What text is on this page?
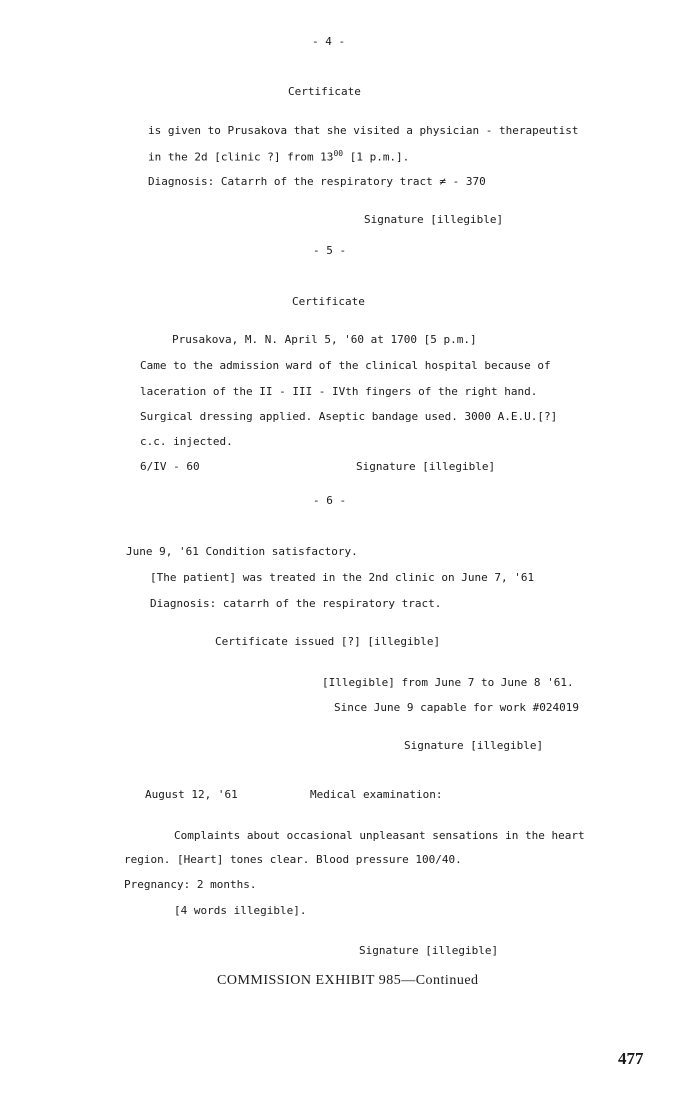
- 4 -
Certificate
is given to Prusakova that she visited a physician - therapeutist
in the 2d [clinic ?] from $13^{00}$ [1 p.m.].
Diagnosis: Catarrh of the respiratory tract ≠ - 370
Signature [illegible]
- 5 -
Certificate
Prusakova, M. N. April 5, '60 at 1700 [5 p.m.]
Came to the admission ward of the clinical hospital because of
laceration of the II - III - IVth fingers of the right hand.
Surgical dressing applied. Aseptic bandage used. 3000 A.E.U.[?]
c.c. injected.
6/IV - 60	Signature [illegible]
- 6 -
June 9, '61 Condition satisfactory.
[The patient] was treated in the 2nd clinic on June 7, '61
Diagnosis: catarrh of the respiratory tract.
Certificate issued [?] [illegible]
[Illegible] from June 7 to June 8 '61.
Since June 9 capable for work #024019
Signature [illegible]
August 12, '61	Medical examination:
Complaints about occasional unpleasant sensations in the heart
region. [Heart] tones clear. Blood pressure 100/40.
Pregnancy: 2 months.
[4 words illegible].
Signature [illegible]
COMMISSION EXHIBIT 985—Continued
477
